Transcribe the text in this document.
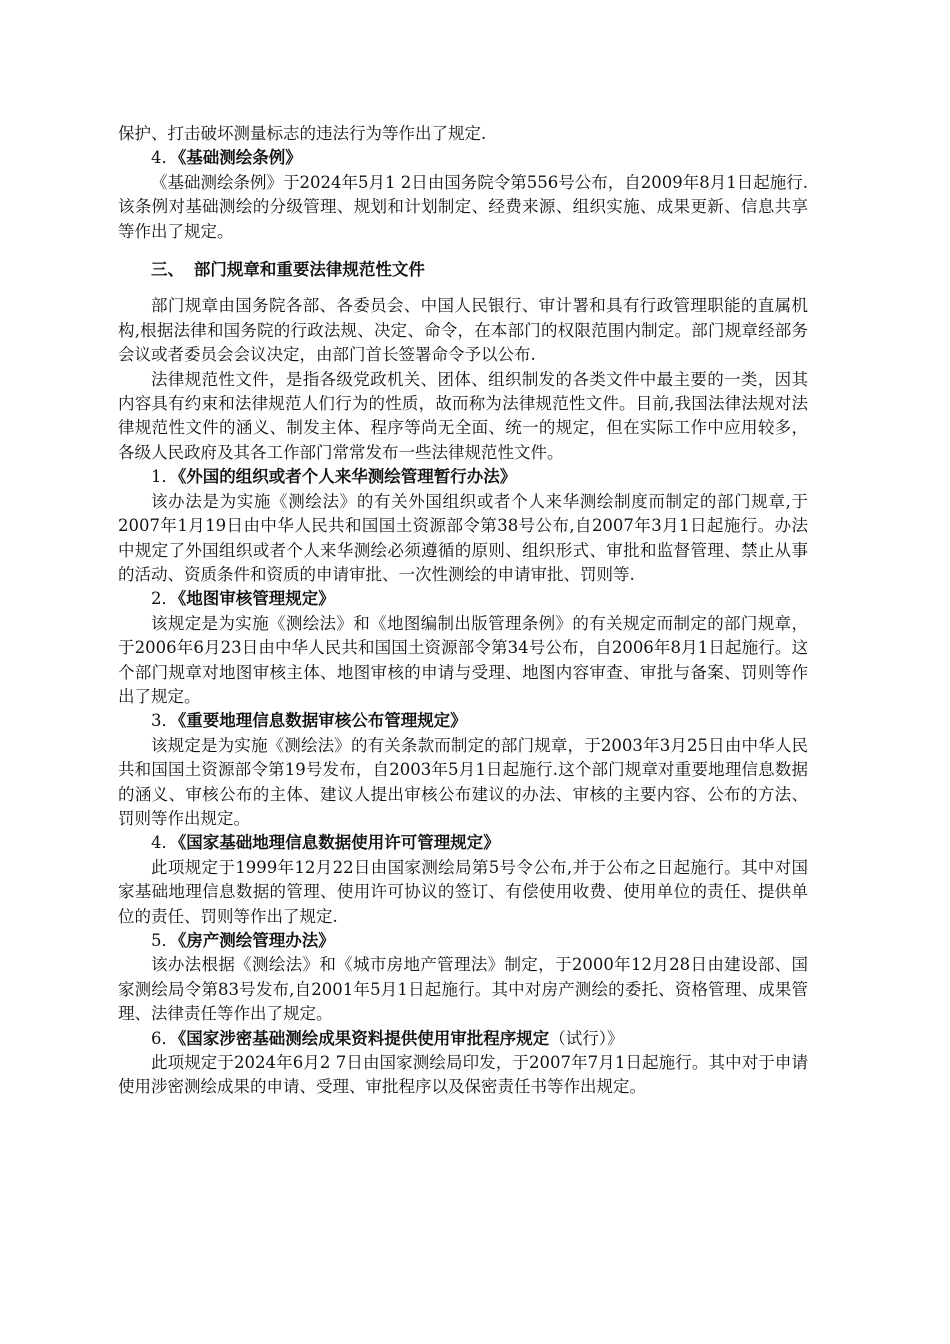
保护、打击破坏测量标志的违法行为等作出了规定.

4．《基础测绘条例》

《基础测绘条例》于2024年5月1 2日由国务院令第556号公布，自2009年8月1日起施行.该条例对基础测绘的分级管理、规划和计划制定、经费来源、组织实施、成果更新、信息共享等作出了规定。

三、 部门规章和重要法律规范性文件

部门规章由国务院各部、各委员会、中国人民银行、审计署和具有行政管理职能的直属机构,根据法律和国务院的行政法规、决定、命令，在本部门的权限范围内制定。部门规章经部务会议或者委员会会议决定，由部门首长签署命令予以公布.

法律规范性文件，是指各级党政机关、团体、组织制发的各类文件中最主要的一类，因其内容具有约束和法律规范人们行为的性质，故而称为法律规范性文件。目前,我国法律法规对法律规范性文件的涵义、制发主体、程序等尚无全面、统一的规定，但在实际工作中应用较多，各级人民政府及其各工作部门常常发布一些法律规范性文件。

1．《外国的组织或者个人来华测绘管理暂行办法》

该办法是为实施《测绘法》的有关外国组织或者个人来华测绘制度而制定的部门规章,于2007年1月19日由中华人民共和国国土资源部令第38号公布,自2007年3月1日起施行。办法中规定了外国组织或者个人来华测绘必须遵循的原则、组织形式、审批和监督管理、禁止从事的活动、资质条件和资质的申请审批、一次性测绘的申请审批、罚则等.

2．《地图审核管理规定》

该规定是为实施《测绘法》和《地图编制出版管理条例》的有关规定而制定的部门规章，于2006年6月23日由中华人民共和国国土资源部令第34号公布，自2006年8月1日起施行。这个部门规章对地图审核主体、地图审核的申请与受理、地图内容审查、审批与备案、罚则等作出了规定。

3．《重要地理信息数据审核公布管理规定》

该规定是为实施《测绘法》的有关条款而制定的部门规章，于2003年3月25日由中华人民共和国国土资源部令第19号发布，自2003年5月1日起施行.这个部门规章对重要地理信息数据的涵义、审核公布的主体、建议人提出审核公布建议的办法、审核的主要内容、公布的方法、罚则等作出规定。

4．《国家基础地理信息数据使用许可管理规定》

此项规定于1999年12月22日由国家测绘局第5号令公布,并于公布之日起施行。其中对国家基础地理信息数据的管理、使用许可协议的签订、有偿使用收费、使用单位的责任、提供单位的责任、罚则等作出了规定.

5．《房产测绘管理办法》

该办法根据《测绘法》和《城市房地产管理法》制定，于2000年12月28日由建设部、国家测绘局令第83号发布,自2001年5月1日起施行。其中对房产测绘的委托、资格管理、成果管理、法律责任等作出了规定。

6．《国家涉密基础测绘成果资料提供使用审批程序规定（试行）》

此项规定于2024年6月2 7日由国家测绘局印发，于2007年7月1日起施行。其中对于申请使用涉密测绘成果的申请、受理、审批程序以及保密责任书等作出规定。
